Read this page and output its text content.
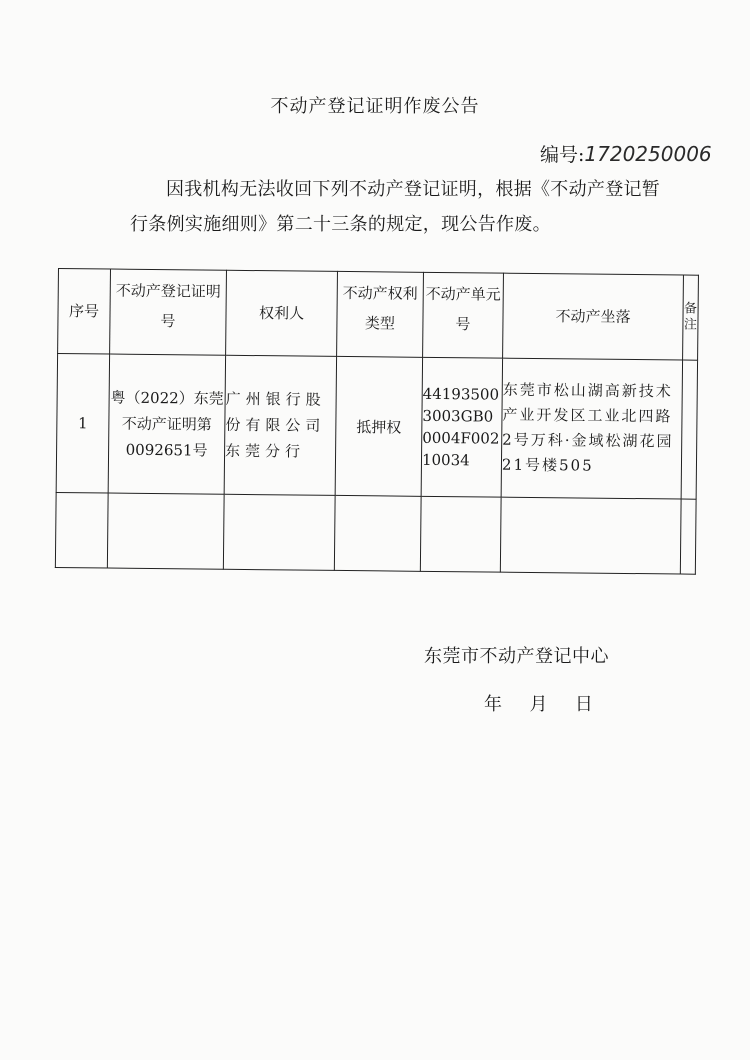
不动产登记证明作废公告
编号:1720250006
因我机构无法收回下列不动产登记证明，根据《不动产登记暂行条例实施细则》第二十三条的规定，现公告作废。
序号	不动产登记证明号	权利人	不动产权利类型	不动产单元号	不动产坐落	备注
1	粤（2022）东莞不动产证明第0092651号	广州银行股份有限公司东莞分行	抵押权	441935003003GB00004F00210034	东莞市松山湖高新技术产业开发区工业北四路2号万科·金域松湖花园21号楼505	

东莞市不动产登记中心
年  月  日
